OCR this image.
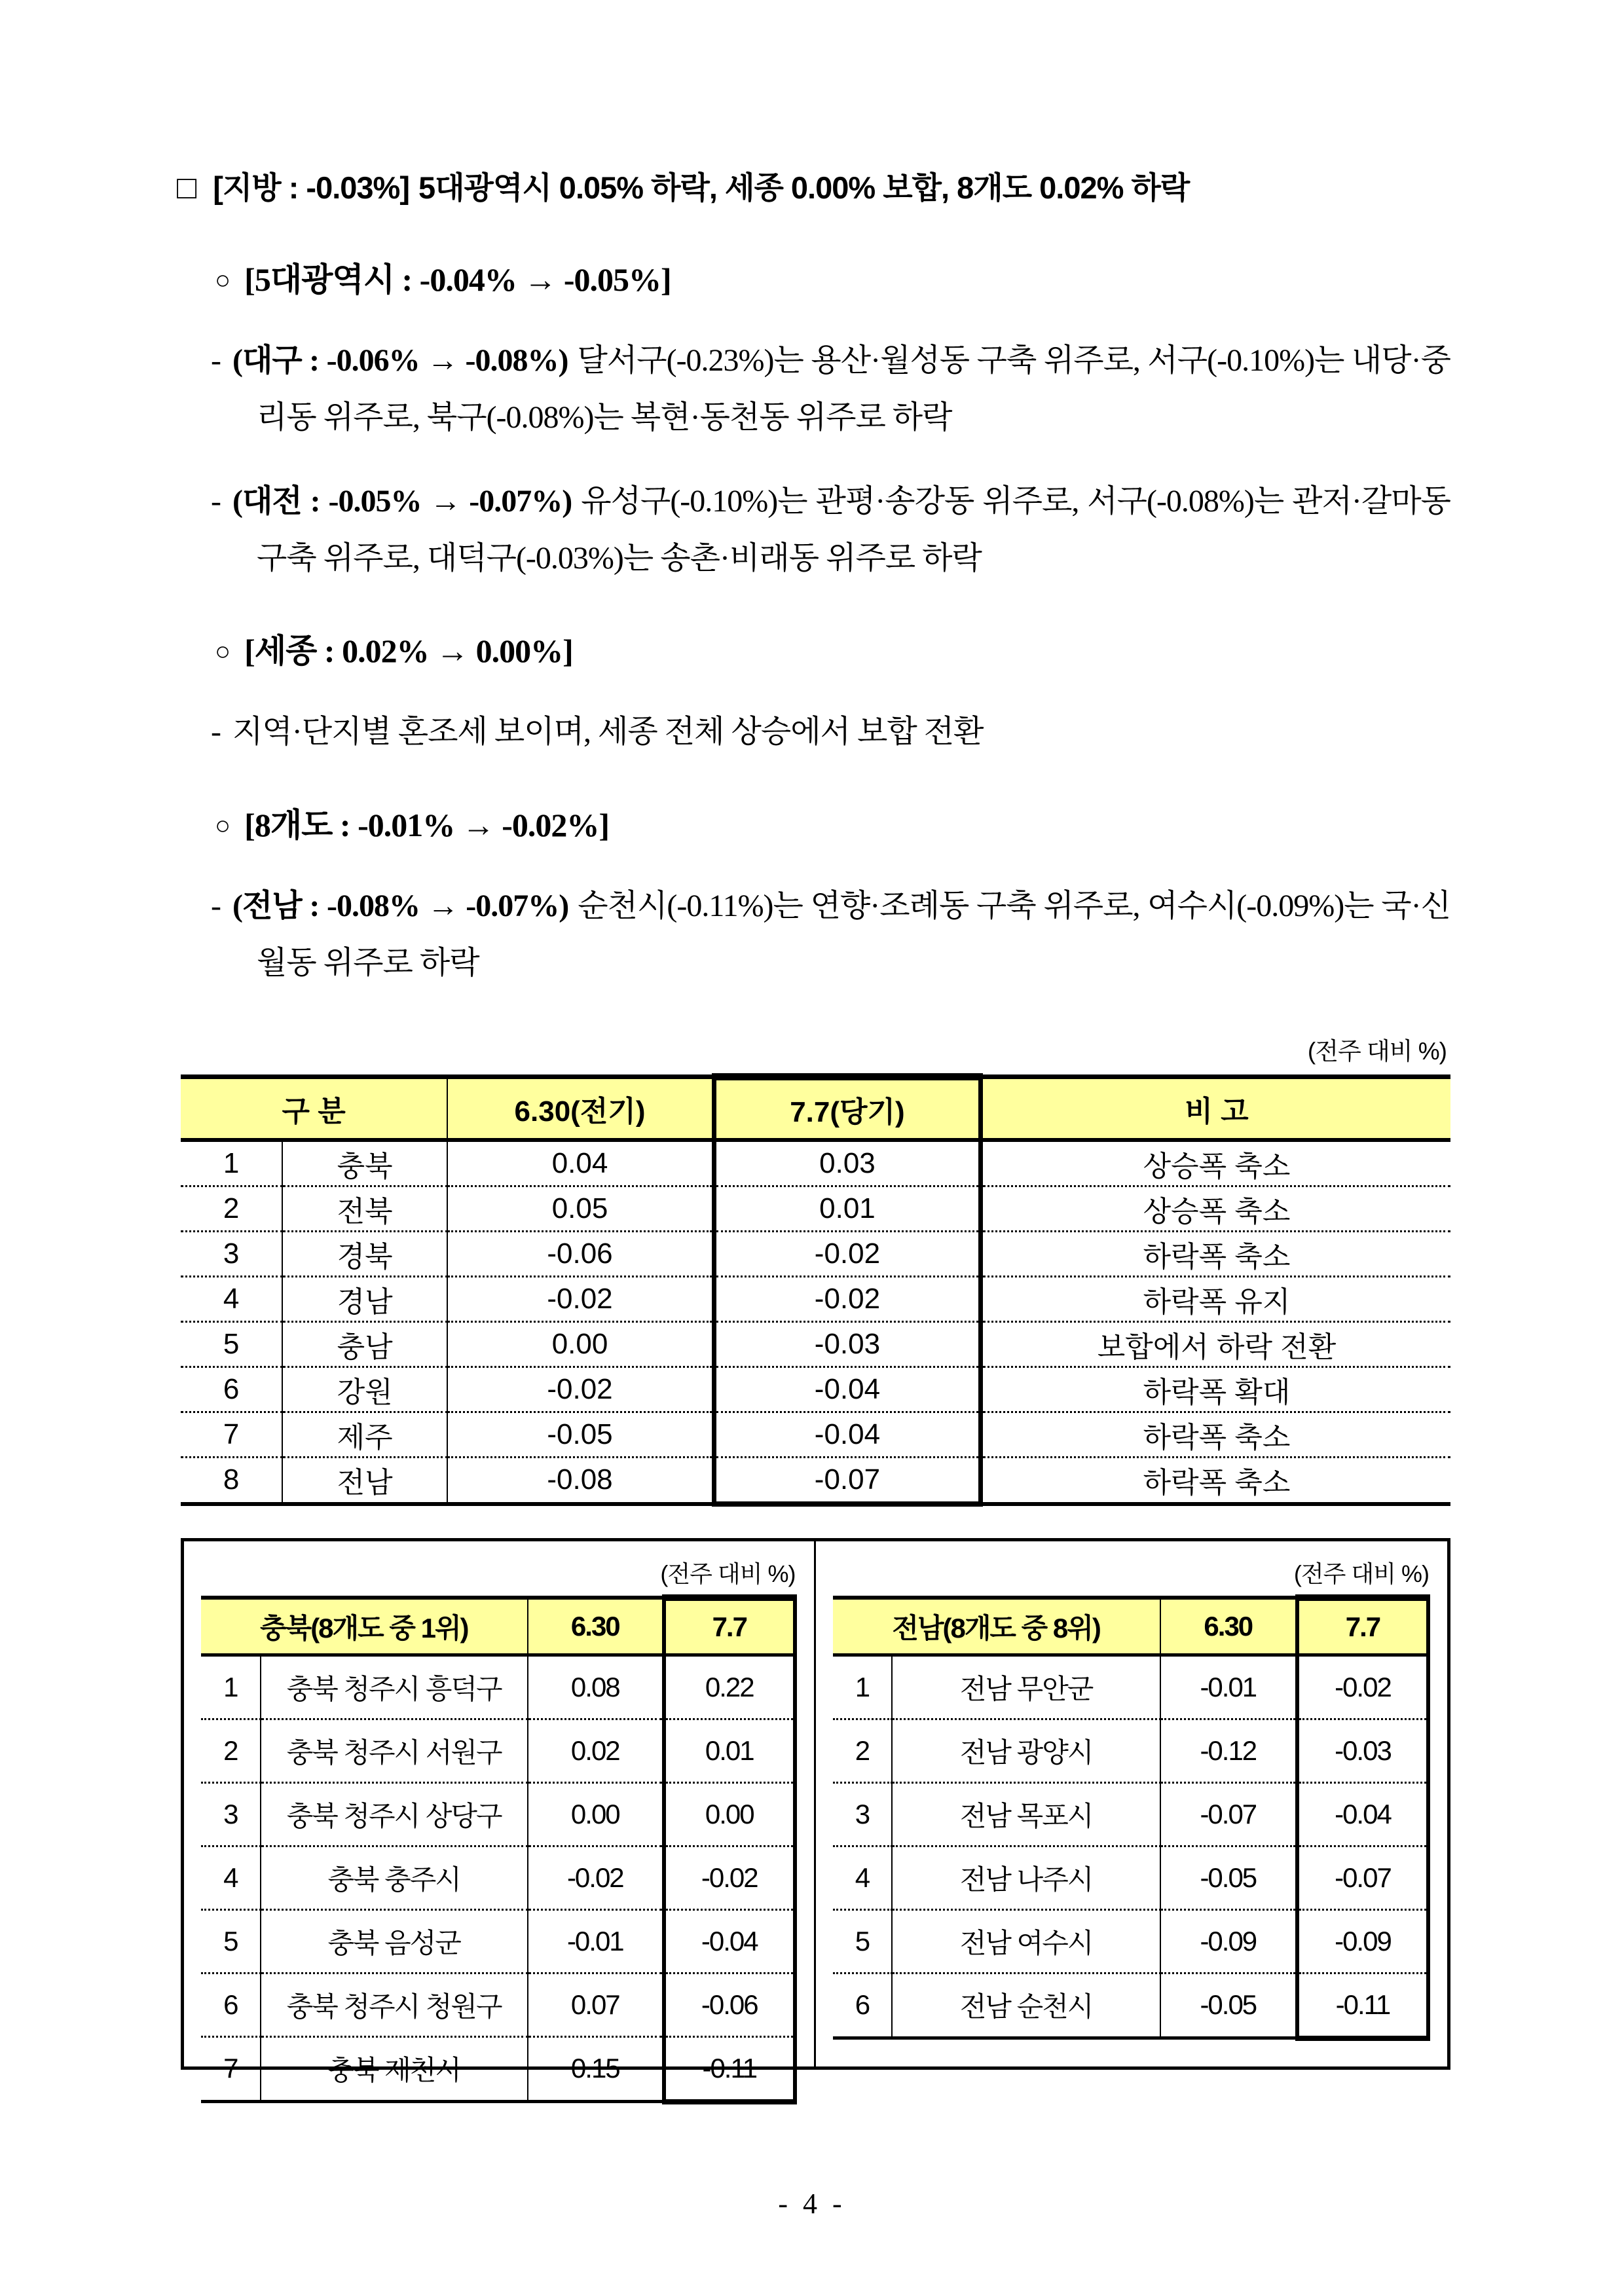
□ [지방 : -0.03%] 5대광역시 0.05% 하락, 세종 0.00% 보합, 8개도 0.02% 하락
○ [5대광역시 : -0.04% → -0.05%]
- (대구 : -0.06% → -0.08%) 달서구(-0.23%)는 용산·월성동 구축 위주로, 서구(-0.10%)는 내당·중리동 위주로, 북구(-0.08%)는 복현·동천동 위주로 하락
- (대전 : -0.05% → -0.07%) 유성구(-0.10%)는 관평·송강동 위주로, 서구(-0.08%)는 관저·갈마동 구축 위주로, 대덕구(-0.03%)는 송촌·비래동 위주로 하락
○ [세종 : 0.02% → 0.00%]
- 지역·단지별 혼조세 보이며, 세종 전체 상승에서 보합 전환
○ [8개도 : -0.01% → -0.02%]
- (전남 : -0.08% → -0.07%) 순천시(-0.11%)는 연향·조례동 구축 위주로, 여수시(-0.09%)는 국·신월동 위주로 하락
(전주 대비 %)
구 분		6.30(전기)	7.7(당기)	비 고
1	충북	0.04	0.03	상승폭 축소
2	전북	0.05	0.01	상승폭 축소
3	경북	-0.06	-0.02	하락폭 축소
4	경남	-0.02	-0.02	하락폭 유지
5	충남	0.00	-0.03	보합에서 하락 전환
6	강원	-0.02	-0.04	하락폭 확대
7	제주	-0.05	-0.04	하락폭 축소
8	전남	-0.08	-0.07	하락폭 축소
(전주 대비 %)
충북(8개도 중 1위)		6.30	7.7
1	충북 청주시 흥덕구	0.08	0.22
2	충북 청주시 서원구	0.02	0.01
3	충북 청주시 상당구	0.00	0.00
4	충북 충주시	-0.02	-0.02
5	충북 음성군	-0.01	-0.04
6	충북 청주시 청원구	0.07	-0.06
7	충북 제천시	0.15	-0.11
(전주 대비 %)
전남(8개도 중 8위)		6.30	7.7
1	전남 무안군	-0.01	-0.02
2	전남 광양시	-0.12	-0.03
3	전남 목포시	-0.07	-0.04
4	전남 나주시	-0.05	-0.07
5	전남 여수시	-0.09	-0.09
6	전남 순천시	-0.05	-0.11
- 4 -
